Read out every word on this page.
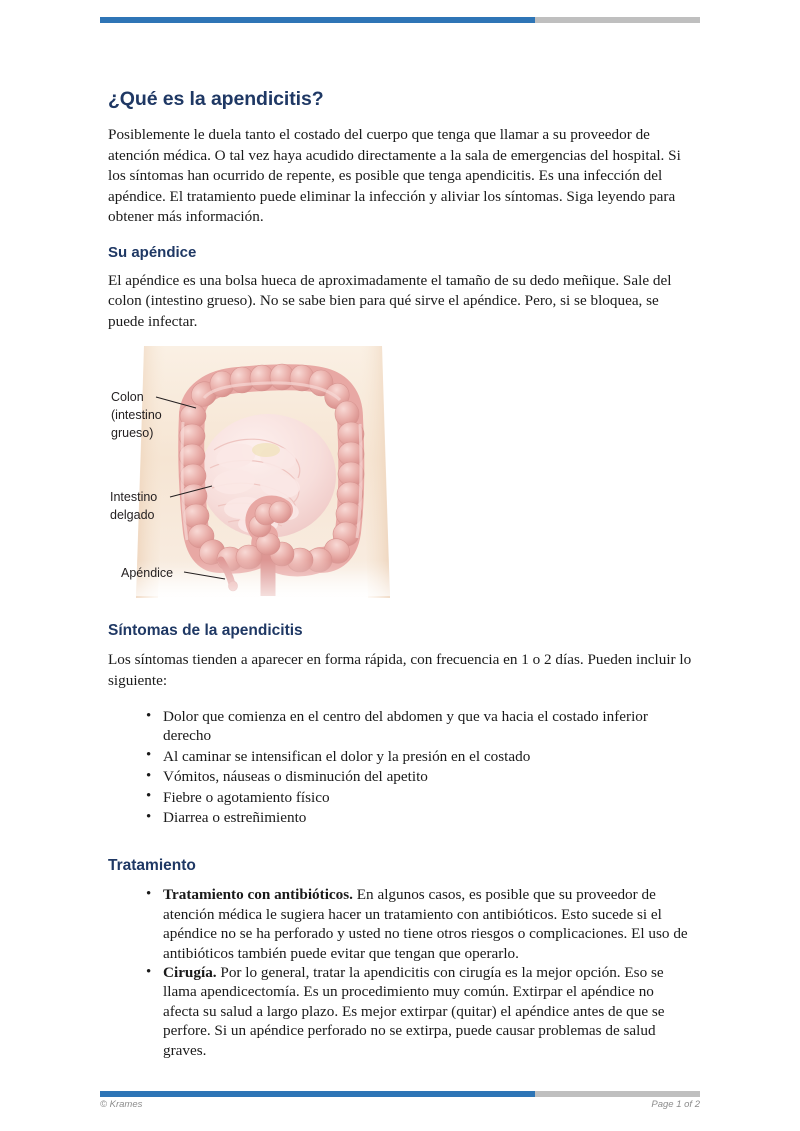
¿Qué es la apendicitis?

Posiblemente le duela tanto el costado del cuerpo que tenga que llamar a su proveedor de atención médica. O tal vez haya acudido directamente a la sala de emergencias del hospital. Si los síntomas han ocurrido de repente, es posible que tenga apendicitis. Es una infección del apéndice. El tratamiento puede eliminar la infección y aliviar los síntomas. Siga leyendo para obtener más información.

Su apéndice

El apéndice es una bolsa hueca de aproximadamente el tamaño de su dedo meñique. Sale del colon (intestino grueso). No se sabe bien para qué sirve el apéndice. Pero, si se bloquea, se puede infectar.

Colon
(intestino
grueso)
Intestino
delgado
Apéndice
Síntomas de la apendicitis

Los síntomas tienden a aparecer en forma rápida, con frecuencia en 1 o 2 días. Pueden incluir lo siguiente:

• Dolor que comienza en el centro del abdomen y que va hacia el costado inferior derecho
• Al caminar se intensifican el dolor y la presión en el costado
• Vómitos, náuseas o disminución del apetito
• Fiebre o agotamiento físico
• Diarrea o estreñimiento
Tratamiento
• Tratamiento con antibióticos. En algunos casos, es posible que su proveedor de atención médica le sugiera hacer un tratamiento con antibióticos. Esto sucede si el apéndice no se ha perforado y usted no tiene otros riesgos o complicaciones. El uso de antibióticos también puede evitar que tengan que operarlo.
• Cirugía. Por lo general, tratar la apendicitis con cirugía es la mejor opción. Eso se llama apendicectomía. Es un procedimiento muy común. Extirpar el apéndice no afecta su salud a largo plazo. Es mejor extirpar (quitar) el apéndice antes de que se perfore. Si un apéndice perforado no se extirpa, puede causar problemas de salud graves.
© Krames	Page 1 of 2
